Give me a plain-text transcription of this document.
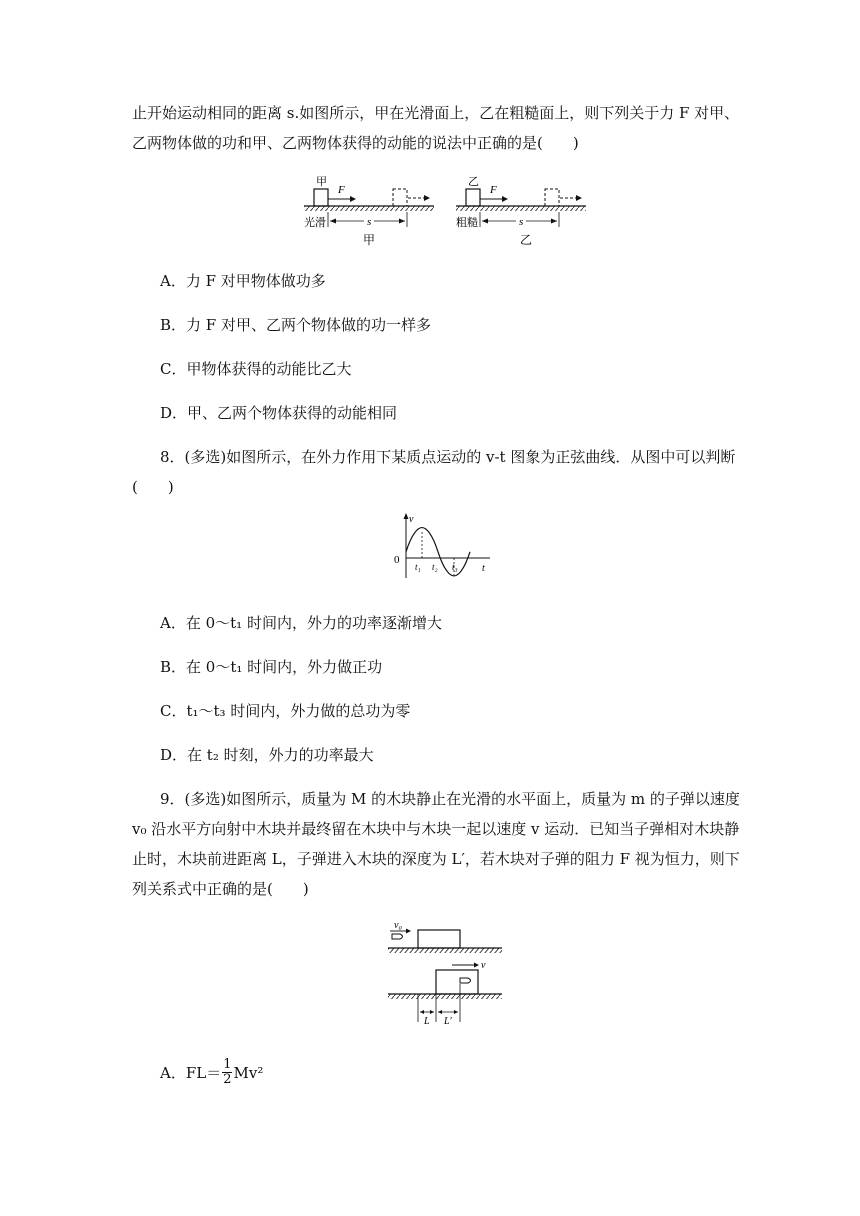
止开始运动相同的距离 s.如图所示，甲在光滑面上，乙在粗糙面上，则下列关于力 F 对甲、
乙两物体做的功和甲、乙两物体获得的动能的说法中正确的是(　　)
甲
F
光滑	s
甲
乙
F
粗糙	s
乙
A．力 F 对甲物体做功多
B．力 F 对甲、乙两个物体做的功一样多
C．甲物体获得的动能比乙大
D．甲、乙两个物体获得的动能相同
8．(多选)如图所示，在外力作用下某质点运动的 v-t 图象为正弦曲线．从图中可以判断
(　　)
v
t
0
t₁ t₂ t₃
A．在 0～t₁ 时间内，外力的功率逐渐增大
B．在 0～t₁ 时间内，外力做正功
C．t₁～t₃ 时间内，外力做的总功为零
D．在 t₂ 时刻，外力的功率最大
9．(多选)如图所示，质量为 M 的木块静止在光滑的水平面上，质量为 m 的子弹以速度
v₀ 沿水平方向射中木块并最终留在木块中与木块一起以速度 v 运动．已知当子弹相对木块静
止时，木块前进距离 L，子弹进入木块的深度为 L′，若木块对子弹的阻力 F 视为恒力，则下
列关系式中正确的是(　　)
v₀
v
L L′
A．$FL= \frac{1}{2} Mv^2$
